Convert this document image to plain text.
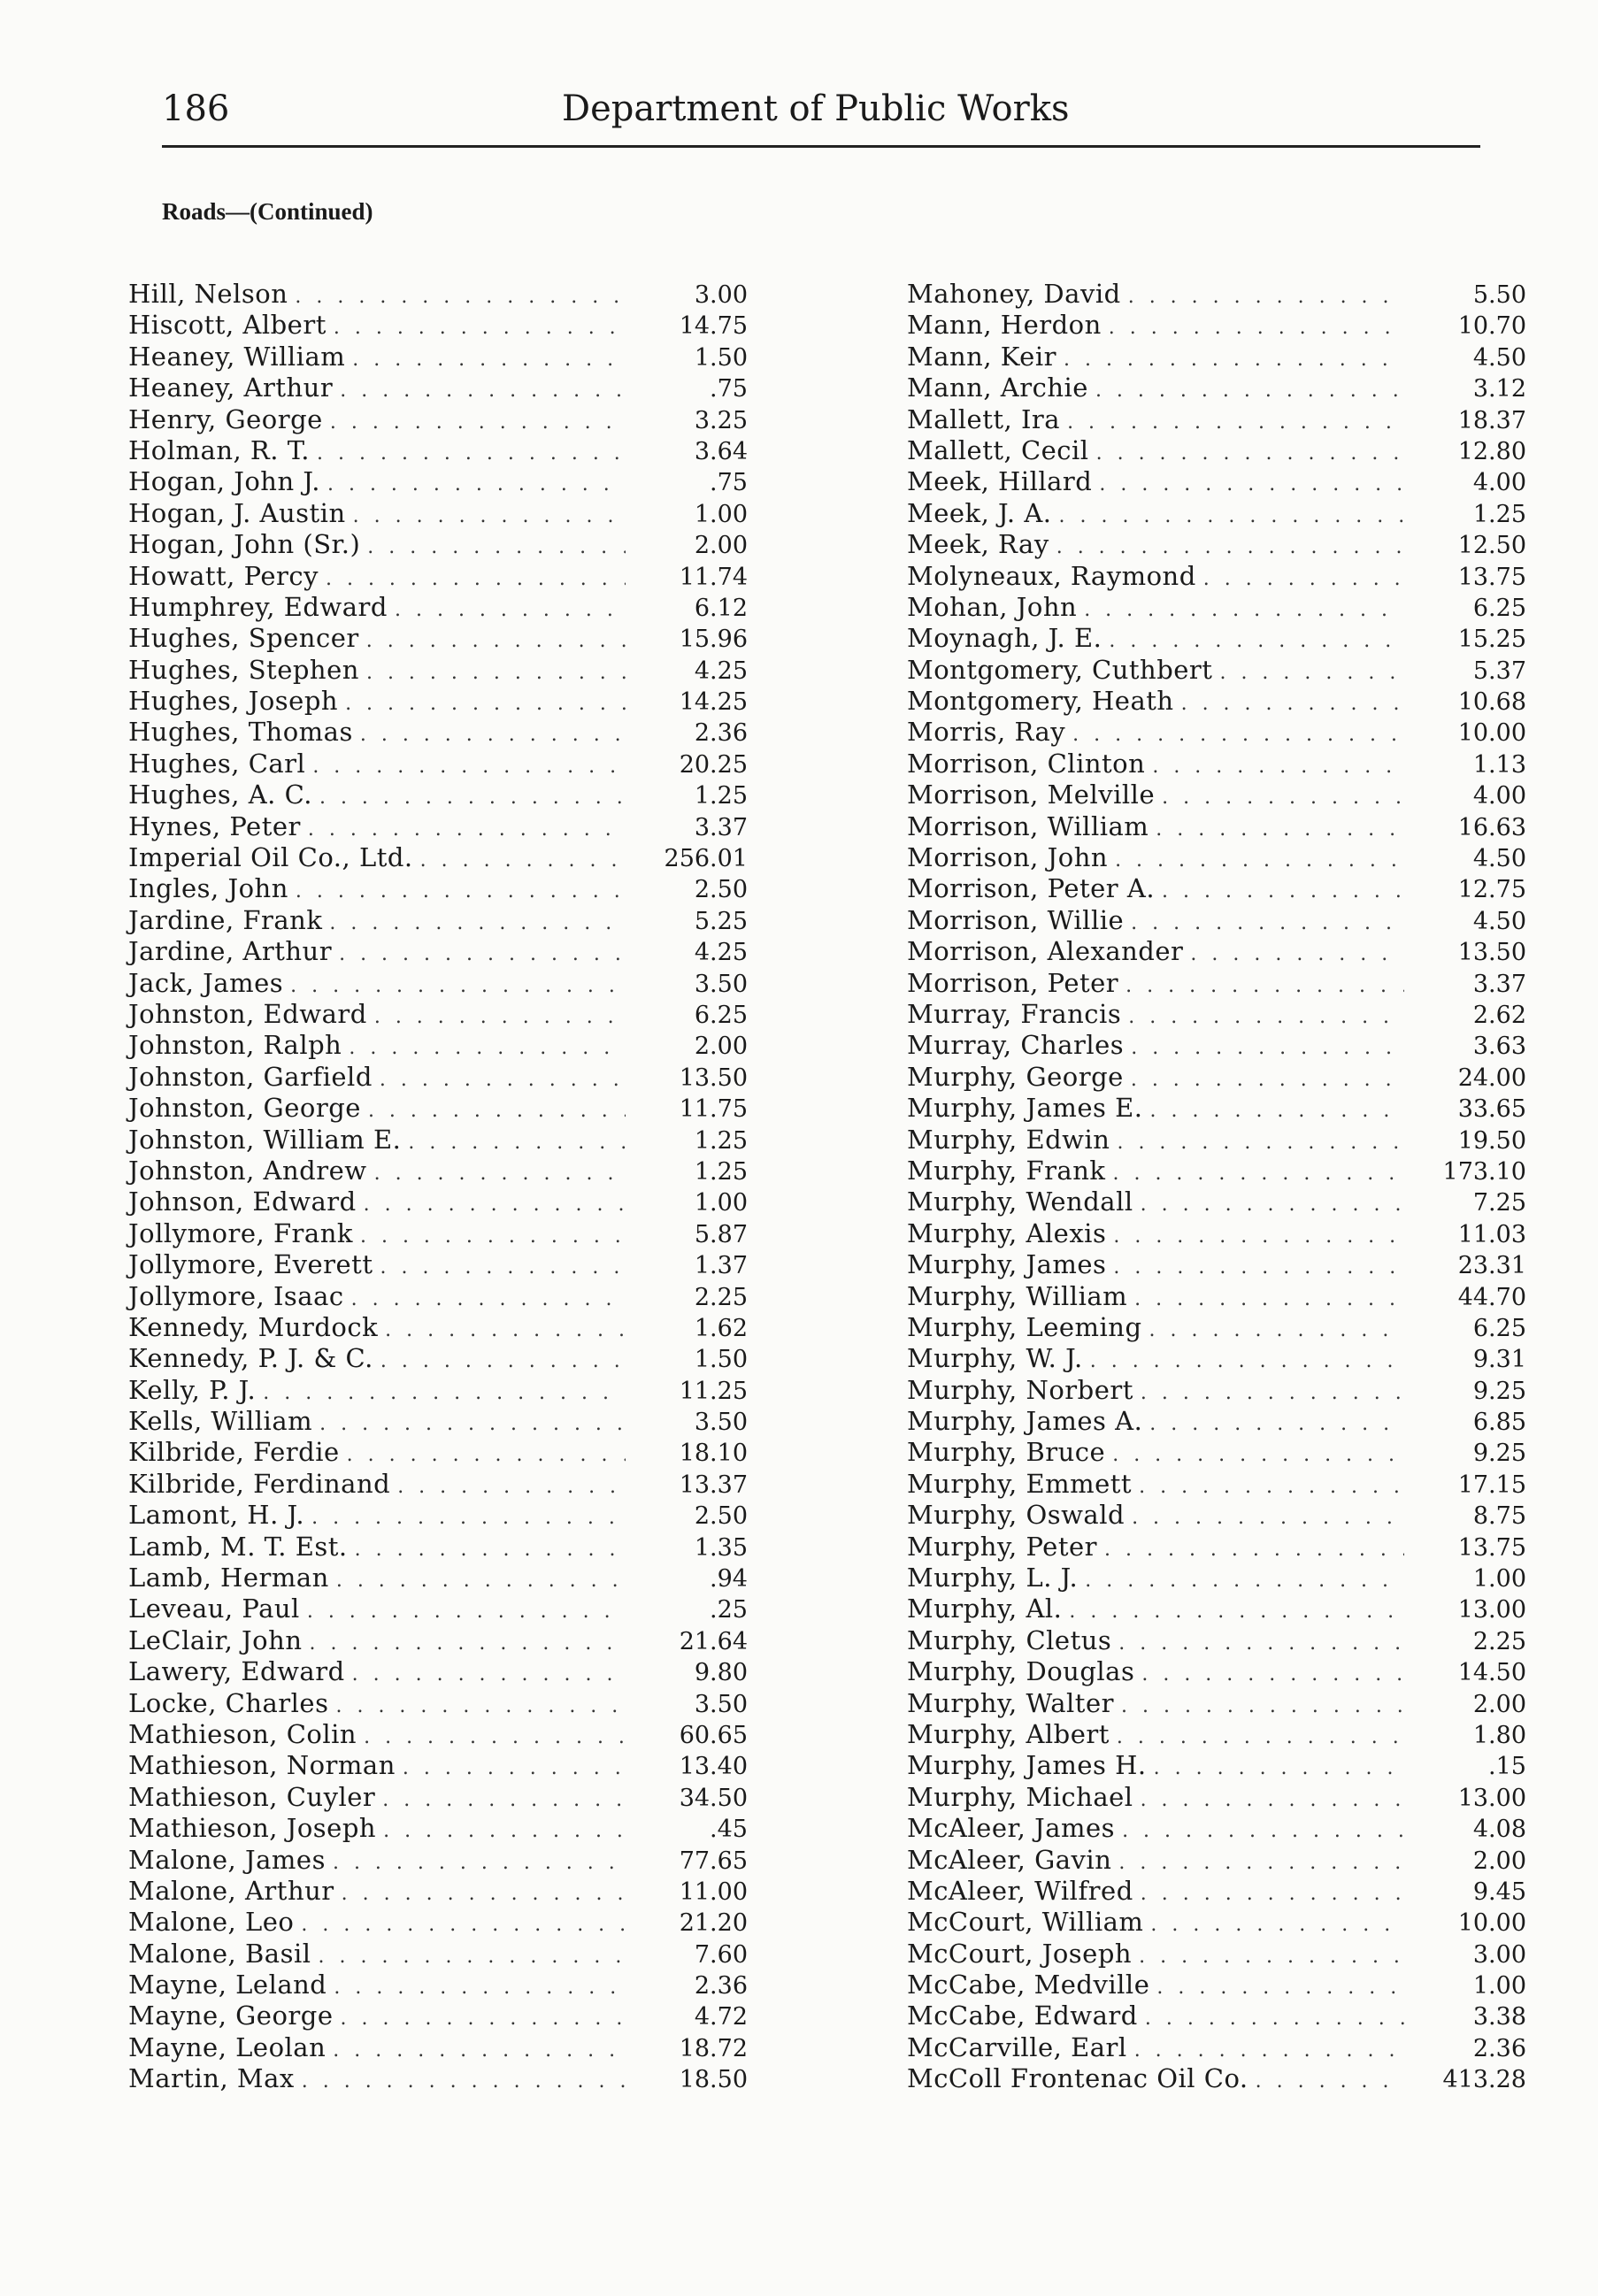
186	Department of Public Works
Roads—(Continued)
Hill, Nelson . . .	3.00
Hiscott, Albert . . .	14.75
Heaney, William . . .	1.50
Heaney, Arthur . . .	.75
Henry, George . . .	3.25
Holman, R. T. . . .	3.64
Hogan, John J. . . .	.75
Hogan, J. Austin . . .	1.00
Hogan, John (Sr.) . . .	2.00
Howatt, Percy . . .	11.74
Humphrey, Edward . . .	6.12
Hughes, Spencer . . .	15.96
Hughes, Stephen . . .	4.25
Hughes, Joseph . . .	14.25
Hughes, Thomas . . .	2.36
Hughes, Carl . . .	20.25
Hughes, A. C. . . .	1.25
Hynes, Peter . . .	3.37
Imperial Oil Co., Ltd. . . .	256.01
Ingles, John . . .	2.50
Jardine, Frank . . .	5.25
Jardine, Arthur . . .	4.25
Jack, James . . .	3.50
Johnston, Edward . . .	6.25
Johnston, Ralph . . .	2.00
Johnston, Garfield . . .	13.50
Johnston, George . . .	11.75
Johnston, William E. . . .	1.25
Johnston, Andrew . . .	1.25
Johnson, Edward . . .	1.00
Jollymore, Frank . . .	5.87
Jollymore, Everett . . .	1.37
Jollymore, Isaac . . .	2.25
Kennedy, Murdock . . .	1.62
Kennedy, P. J. & C. . . .	1.50
Kelly, P. J. . . .	11.25
Kells, William . . .	3.50
Kilbride, Ferdie . . .	18.10
Kilbride, Ferdinand . . .	13.37
Lamont, H. J. . . .	2.50
Lamb, M. T. Est. . . .	1.35
Lamb, Herman . . .	.94
Leveau, Paul . . .	.25
LeClair, John . . .	21.64
Lawery, Edward . . .	9.80
Locke, Charles . . .	3.50
Mathieson, Colin . . .	60.65
Mathieson, Norman . . .	13.40
Mathieson, Cuyler . . .	34.50
Mathieson, Joseph . . .	.45
Malone, James . . .	77.65
Malone, Arthur . . .	11.00
Malone, Leo . . .	21.20
Malone, Basil . . .	7.60
Mayne, Leland . . .	2.36
Mayne, George . . .	4.72
Mayne, Leolan . . .	18.72
Martin, Max . . .	18.50
Mahoney, David . . .	5.50
Mann, Herdon . . .	10.70
Mann, Keir . . .	4.50
Mann, Archie . . .	3.12
Mallett, Ira . . .	18.37
Mallett, Cecil . . .	12.80
Meek, Hillard . . .	4.00
Meek, J. A. . . .	1.25
Meek, Ray . . .	12.50
Molyneaux, Raymond . . .	13.75
Mohan, John . . .	6.25
Moynagh, J. E. . . .	15.25
Montgomery, Cuthbert . . .	5.37
Montgomery, Heath . . .	10.68
Morris, Ray . . .	10.00
Morrison, Clinton . . .	1.13
Morrison, Melville . . .	4.00
Morrison, William . . .	16.63
Morrison, John . . .	4.50
Morrison, Peter A. . . .	12.75
Morrison, Willie . . .	4.50
Morrison, Alexander . . .	13.50
Morrison, Peter . . .	3.37
Murray, Francis . . .	2.62
Murray, Charles . . .	3.63
Murphy, George . . .	24.00
Murphy, James E. . . .	33.65
Murphy, Edwin . . .	19.50
Murphy, Frank . . .	173.10
Murphy, Wendall . . .	7.25
Murphy, Alexis . . .	11.03
Murphy, James . . .	23.31
Murphy, William . . .	44.70
Murphy, Leeming . . .	6.25
Murphy, W. J. . . .	9.31
Murphy, Norbert . . .	9.25
Murphy, James A. . . .	6.85
Murphy, Bruce . . .	9.25
Murphy, Emmett . . .	17.15
Murphy, Oswald . . .	8.75
Murphy, Peter . . .	13.75
Murphy, L. J. . . .	1.00
Murphy, Al. . . .	13.00
Murphy, Cletus . . .	2.25
Murphy, Douglas . . .	14.50
Murphy, Walter . . .	2.00
Murphy, Albert . . .	1.80
Murphy, James H. . . .	.15
Murphy, Michael . . .	13.00
McAleer, James . . .	4.08
McAleer, Gavin . . .	2.00
McAleer, Wilfred . . .	9.45
McCourt, William . . .	10.00
McCourt, Joseph . . .	3.00
McCabe, Medville . . .	1.00
McCabe, Edward . . .	3.38
McCarville, Earl . . .	2.36
McColl Frontenac Oil Co. . . .	413.28
